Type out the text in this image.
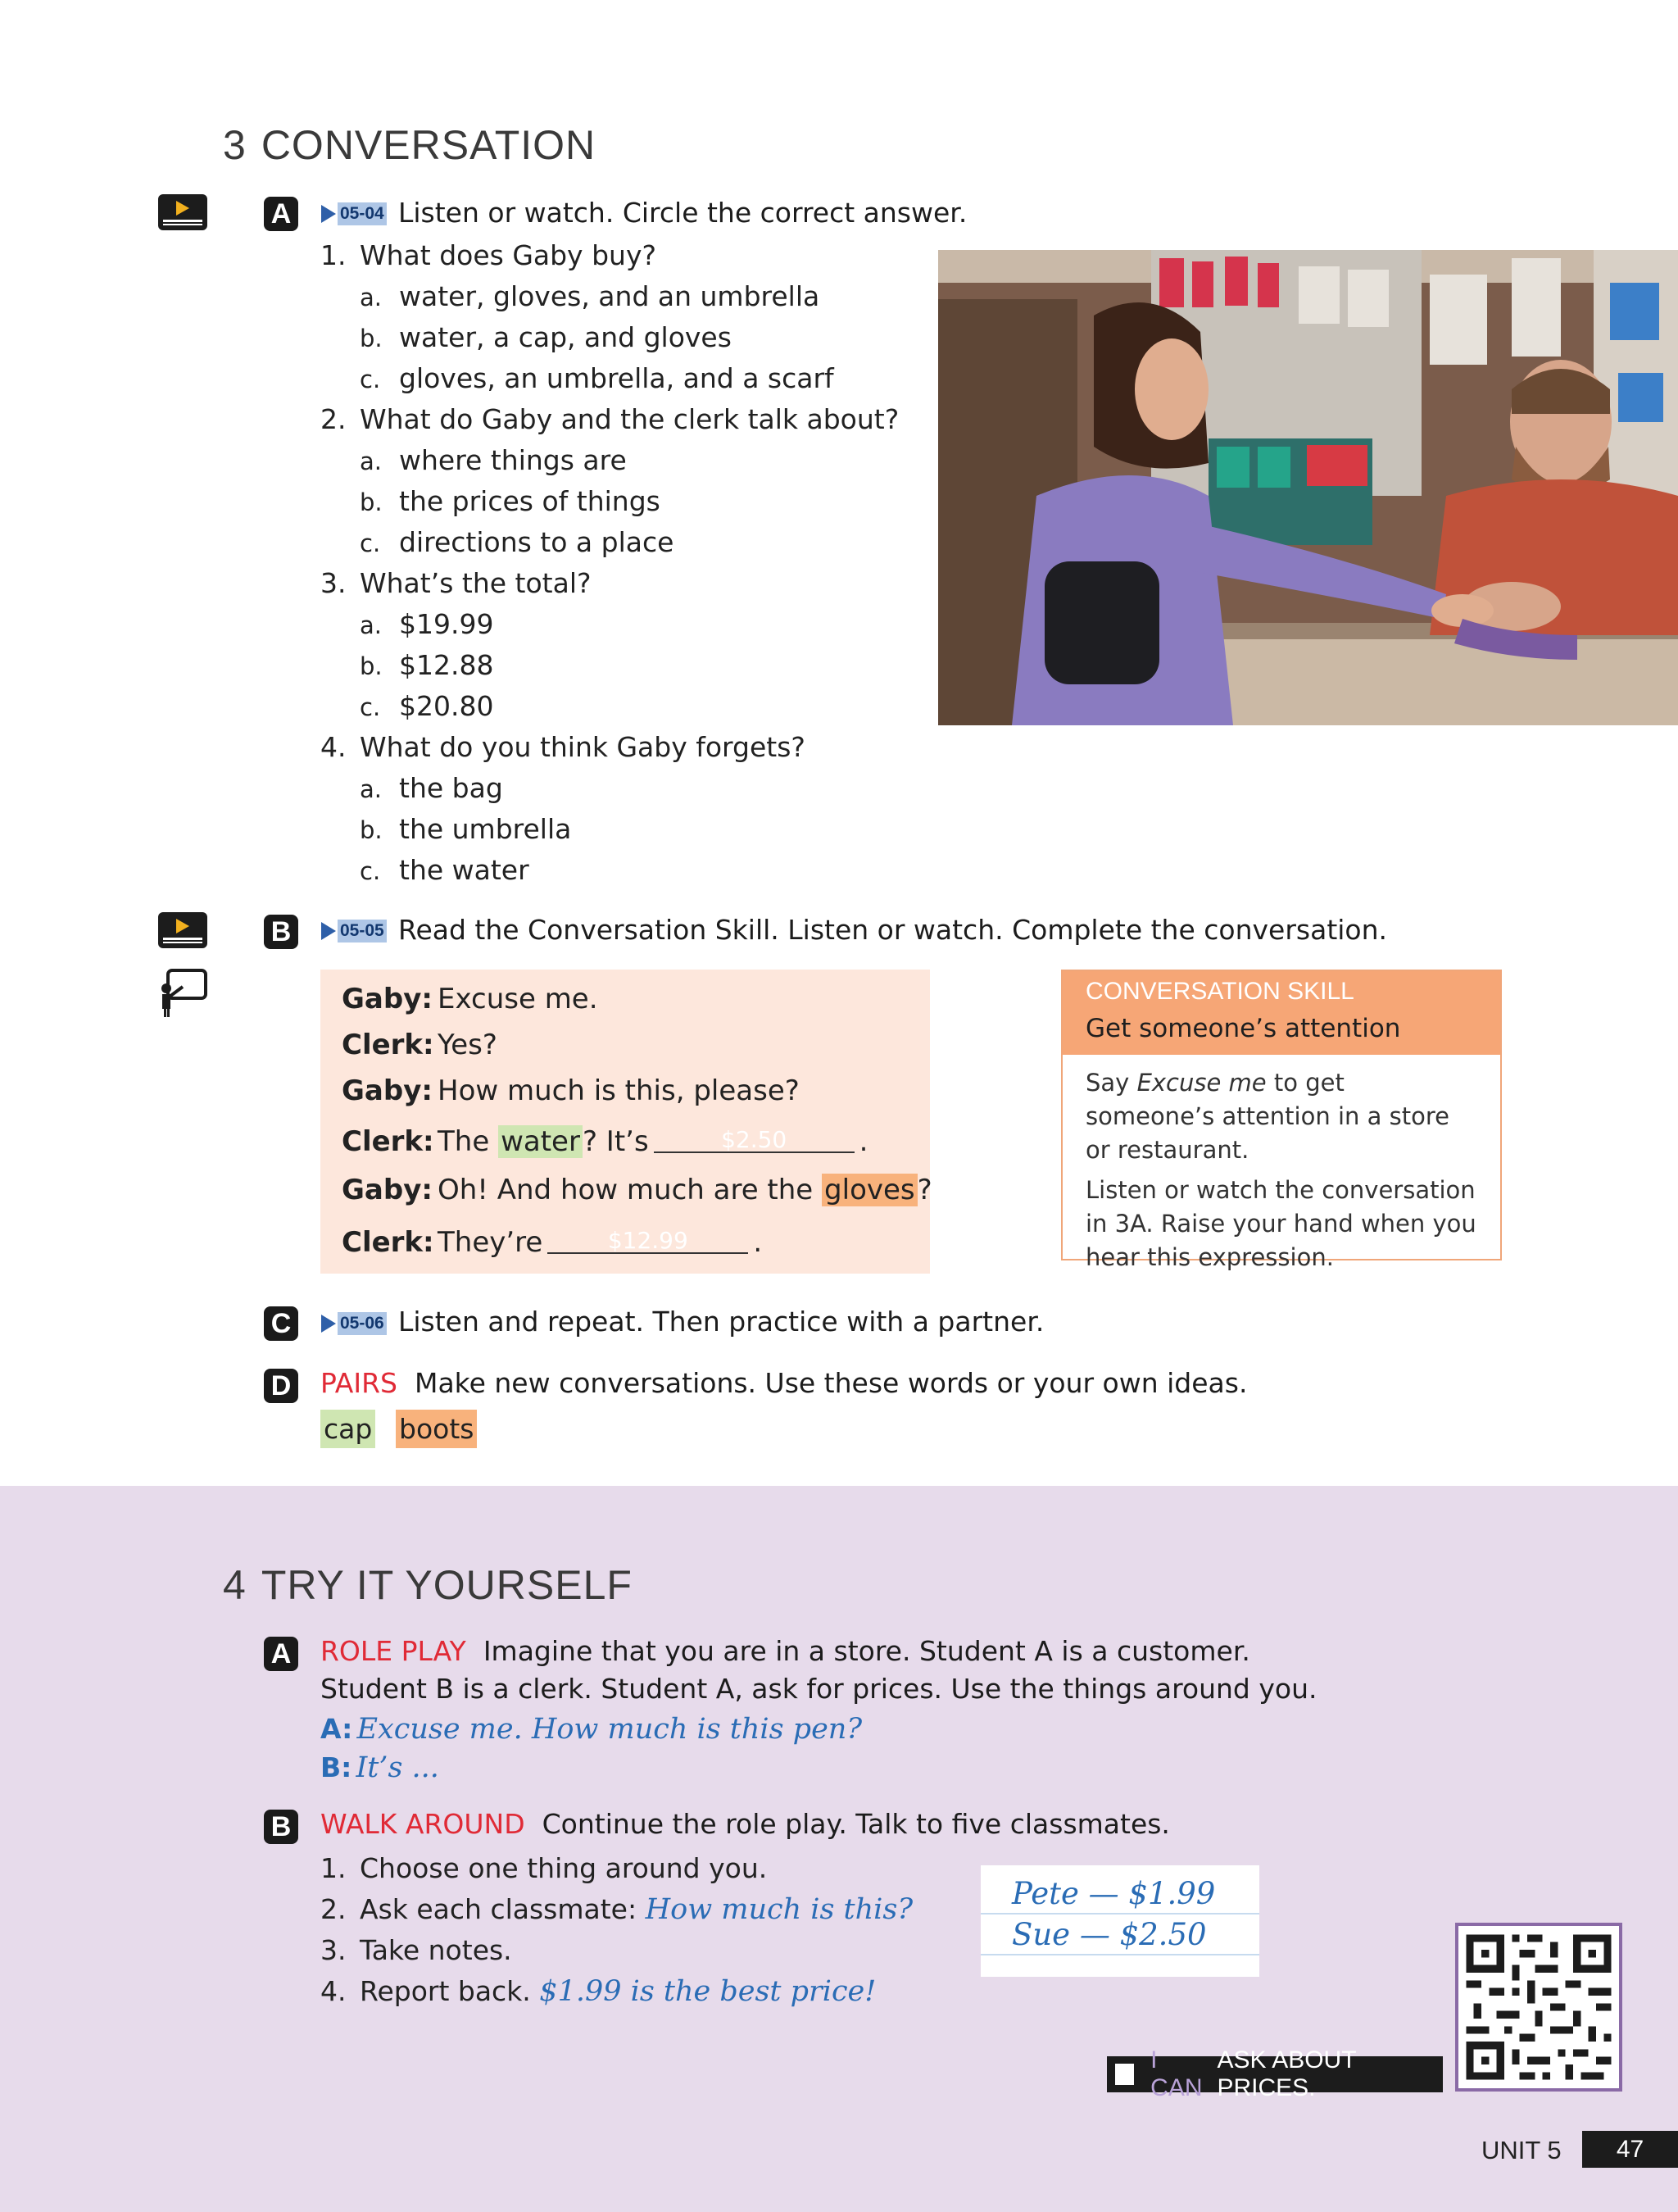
3 CONVERSATION
A	05-04 Listen or watch. Circle the correct answer.
1. What does Gaby buy?
a. water, gloves, and an umbrella
b. water, a cap, and gloves
c. gloves, an umbrella, and a scarf
2. What do Gaby and the clerk talk about?
a. where things are
b. the prices of things
c. directions to a place
3. What’s the total?
a. $19.99
b. $12.88
c. $20.80
4. What do you think Gaby forgets?
a. the bag
b. the umbrella
c. the water
B	05-05 Read the Conversation Skill. Listen or watch. Complete the conversation.
Gaby: Excuse me.
Clerk: Yes?
Gaby: How much is this, please?
Clerk: The
water ? It’s	$2.50	.
Gaby: Oh! And how much are the
gloves ?
Clerk: They’re	$12.99	.
CONVERSATION SKILL
Get someone’s attention

Say Excuse me to get someone’s attention in a store or restaurant.

Listen or watch the conversation in 3A. Raise your hand when you hear this expression.

C	05-06 Listen and repeat. Then practice with a partner.
D PAIRS Make new conversations. Use these words or your own ideas.
cap boots
4 TRY IT YOURSELF
A ROLE PLAY Imagine that you are in a store. Student A is a customer.
Student B is a clerk. Student A, ask for prices. Use the things around you.
A: Excuse me. How much is this pen?
B: It’s ...
B WALK AROUND Continue the role play. Talk to five classmates.
1. Choose one thing around you.
2. Ask each classmate: How much is this?
3. Take notes.
4. Report back. $1.99 is the best price!
Pete — $1.99
Sue — $2.50
I CAN
ASK ABOUT PRICES.
UNIT 5	47
